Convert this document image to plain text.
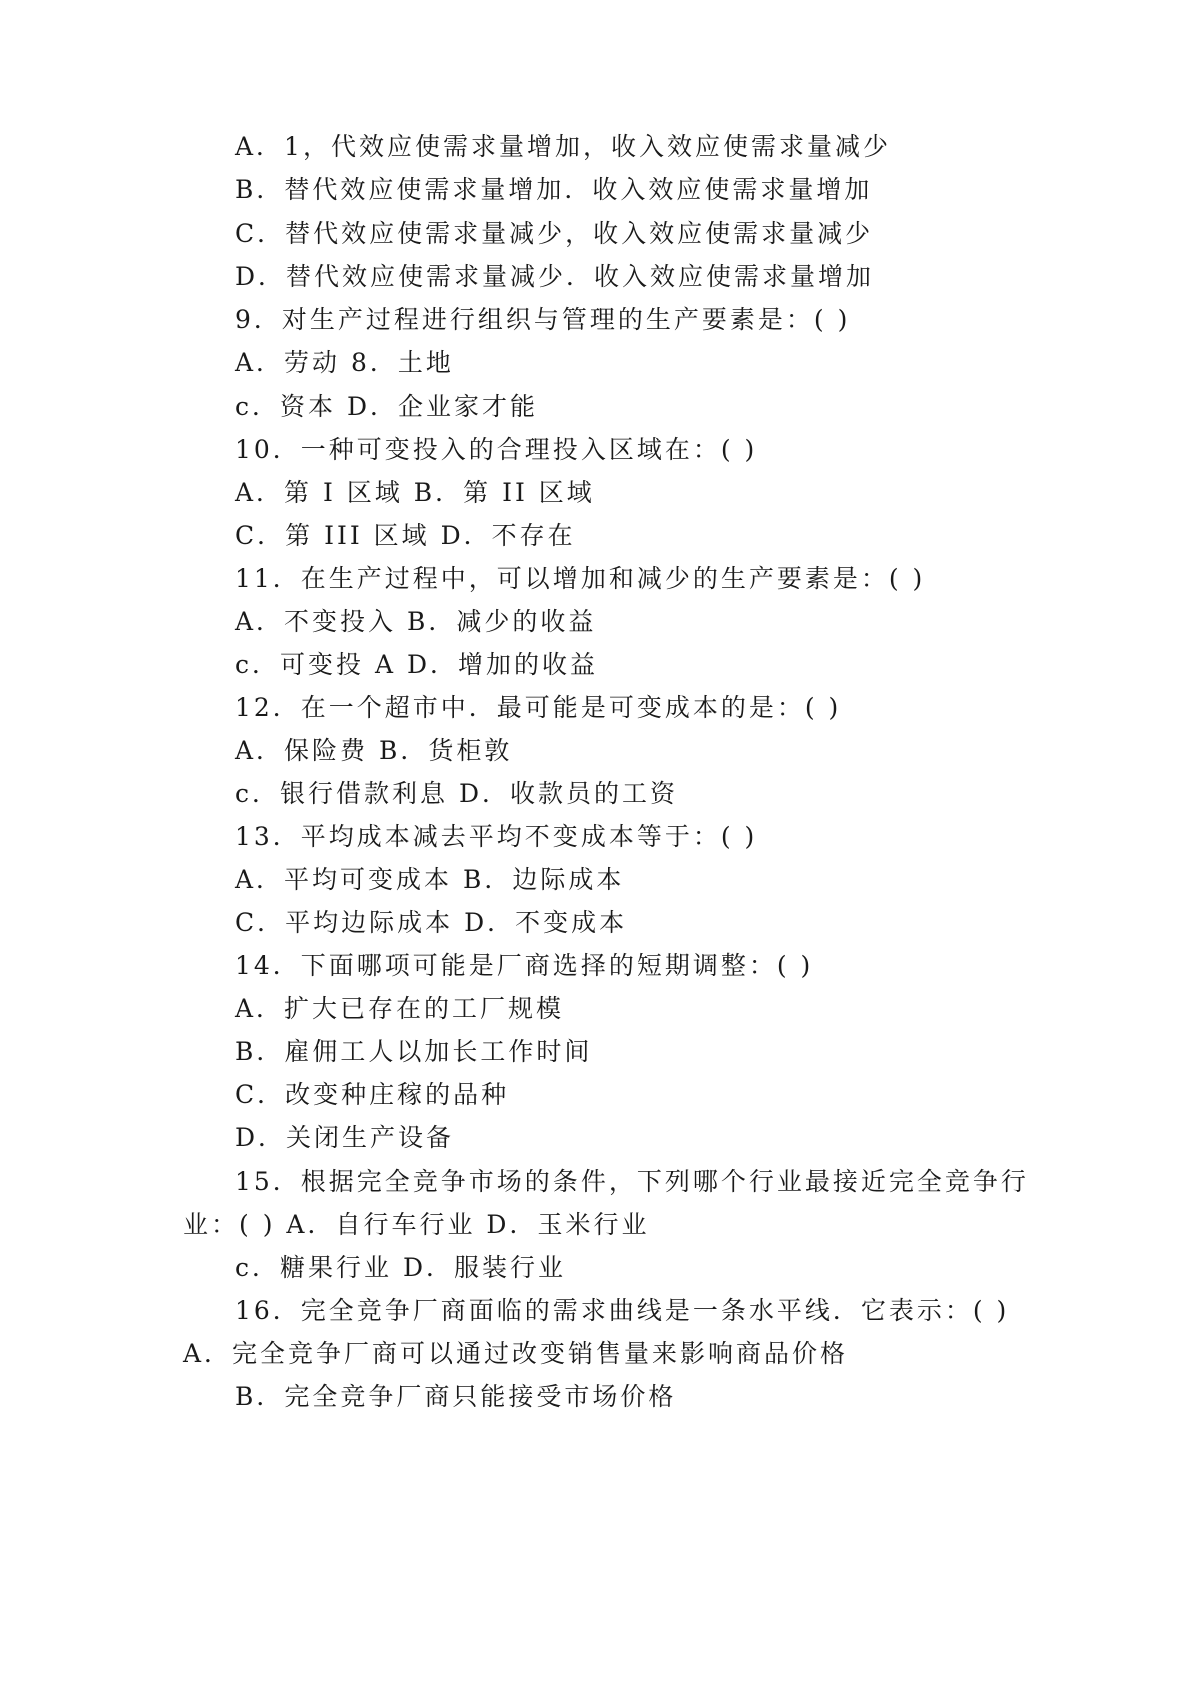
A．1，代效应使需求量增加，收入效应使需求量减少
B．替代效应使需求量增加．收入效应使需求量增加
C．替代效应使需求量减少，收入效应使需求量减少
D．替代效应使需求量减少．收入效应使需求量增加
9．对生产过程进行组织与管理的生产要素是：( )
A．劳动 8．土地
c．资本 D．企业家才能
10．一种可变投入的合理投入区域在：( )
A．第 I 区域 B．第 II 区域
C．第 III 区域 D．不存在
11．在生产过程中，可以增加和减少的生产要素是：( )
A．不变投入 B．减少的收益
c．可变投 A D．增加的收益
12．在一个超市中．最可能是可变成本的是：( )
A．保险费 B．货柜敦
c．银行借款利息 D．收款员的工资
13．平均成本减去平均不变成本等于：( )
A．平均可变成本 B．边际成本
C．平均边际成本 D．不变成本
14．下面哪项可能是厂商选择的短期调整：( )
A．扩大已存在的工厂规模
B．雇佣工人以加长工作时间
C．改变种庄稼的品种
D．关闭生产设备
15．根据完全竞争市场的条件，下列哪个行业最接近完全竞争行
业：( ) A．自行车行业 D．玉米行业
c．糖果行业 D．服装行业
16．完全竞争厂商面临的需求曲线是一条水平线．它表示：( )
A．完全竞争厂商可以通过改变销售量来影响商品价格
B．完全竞争厂商只能接受市场价格
